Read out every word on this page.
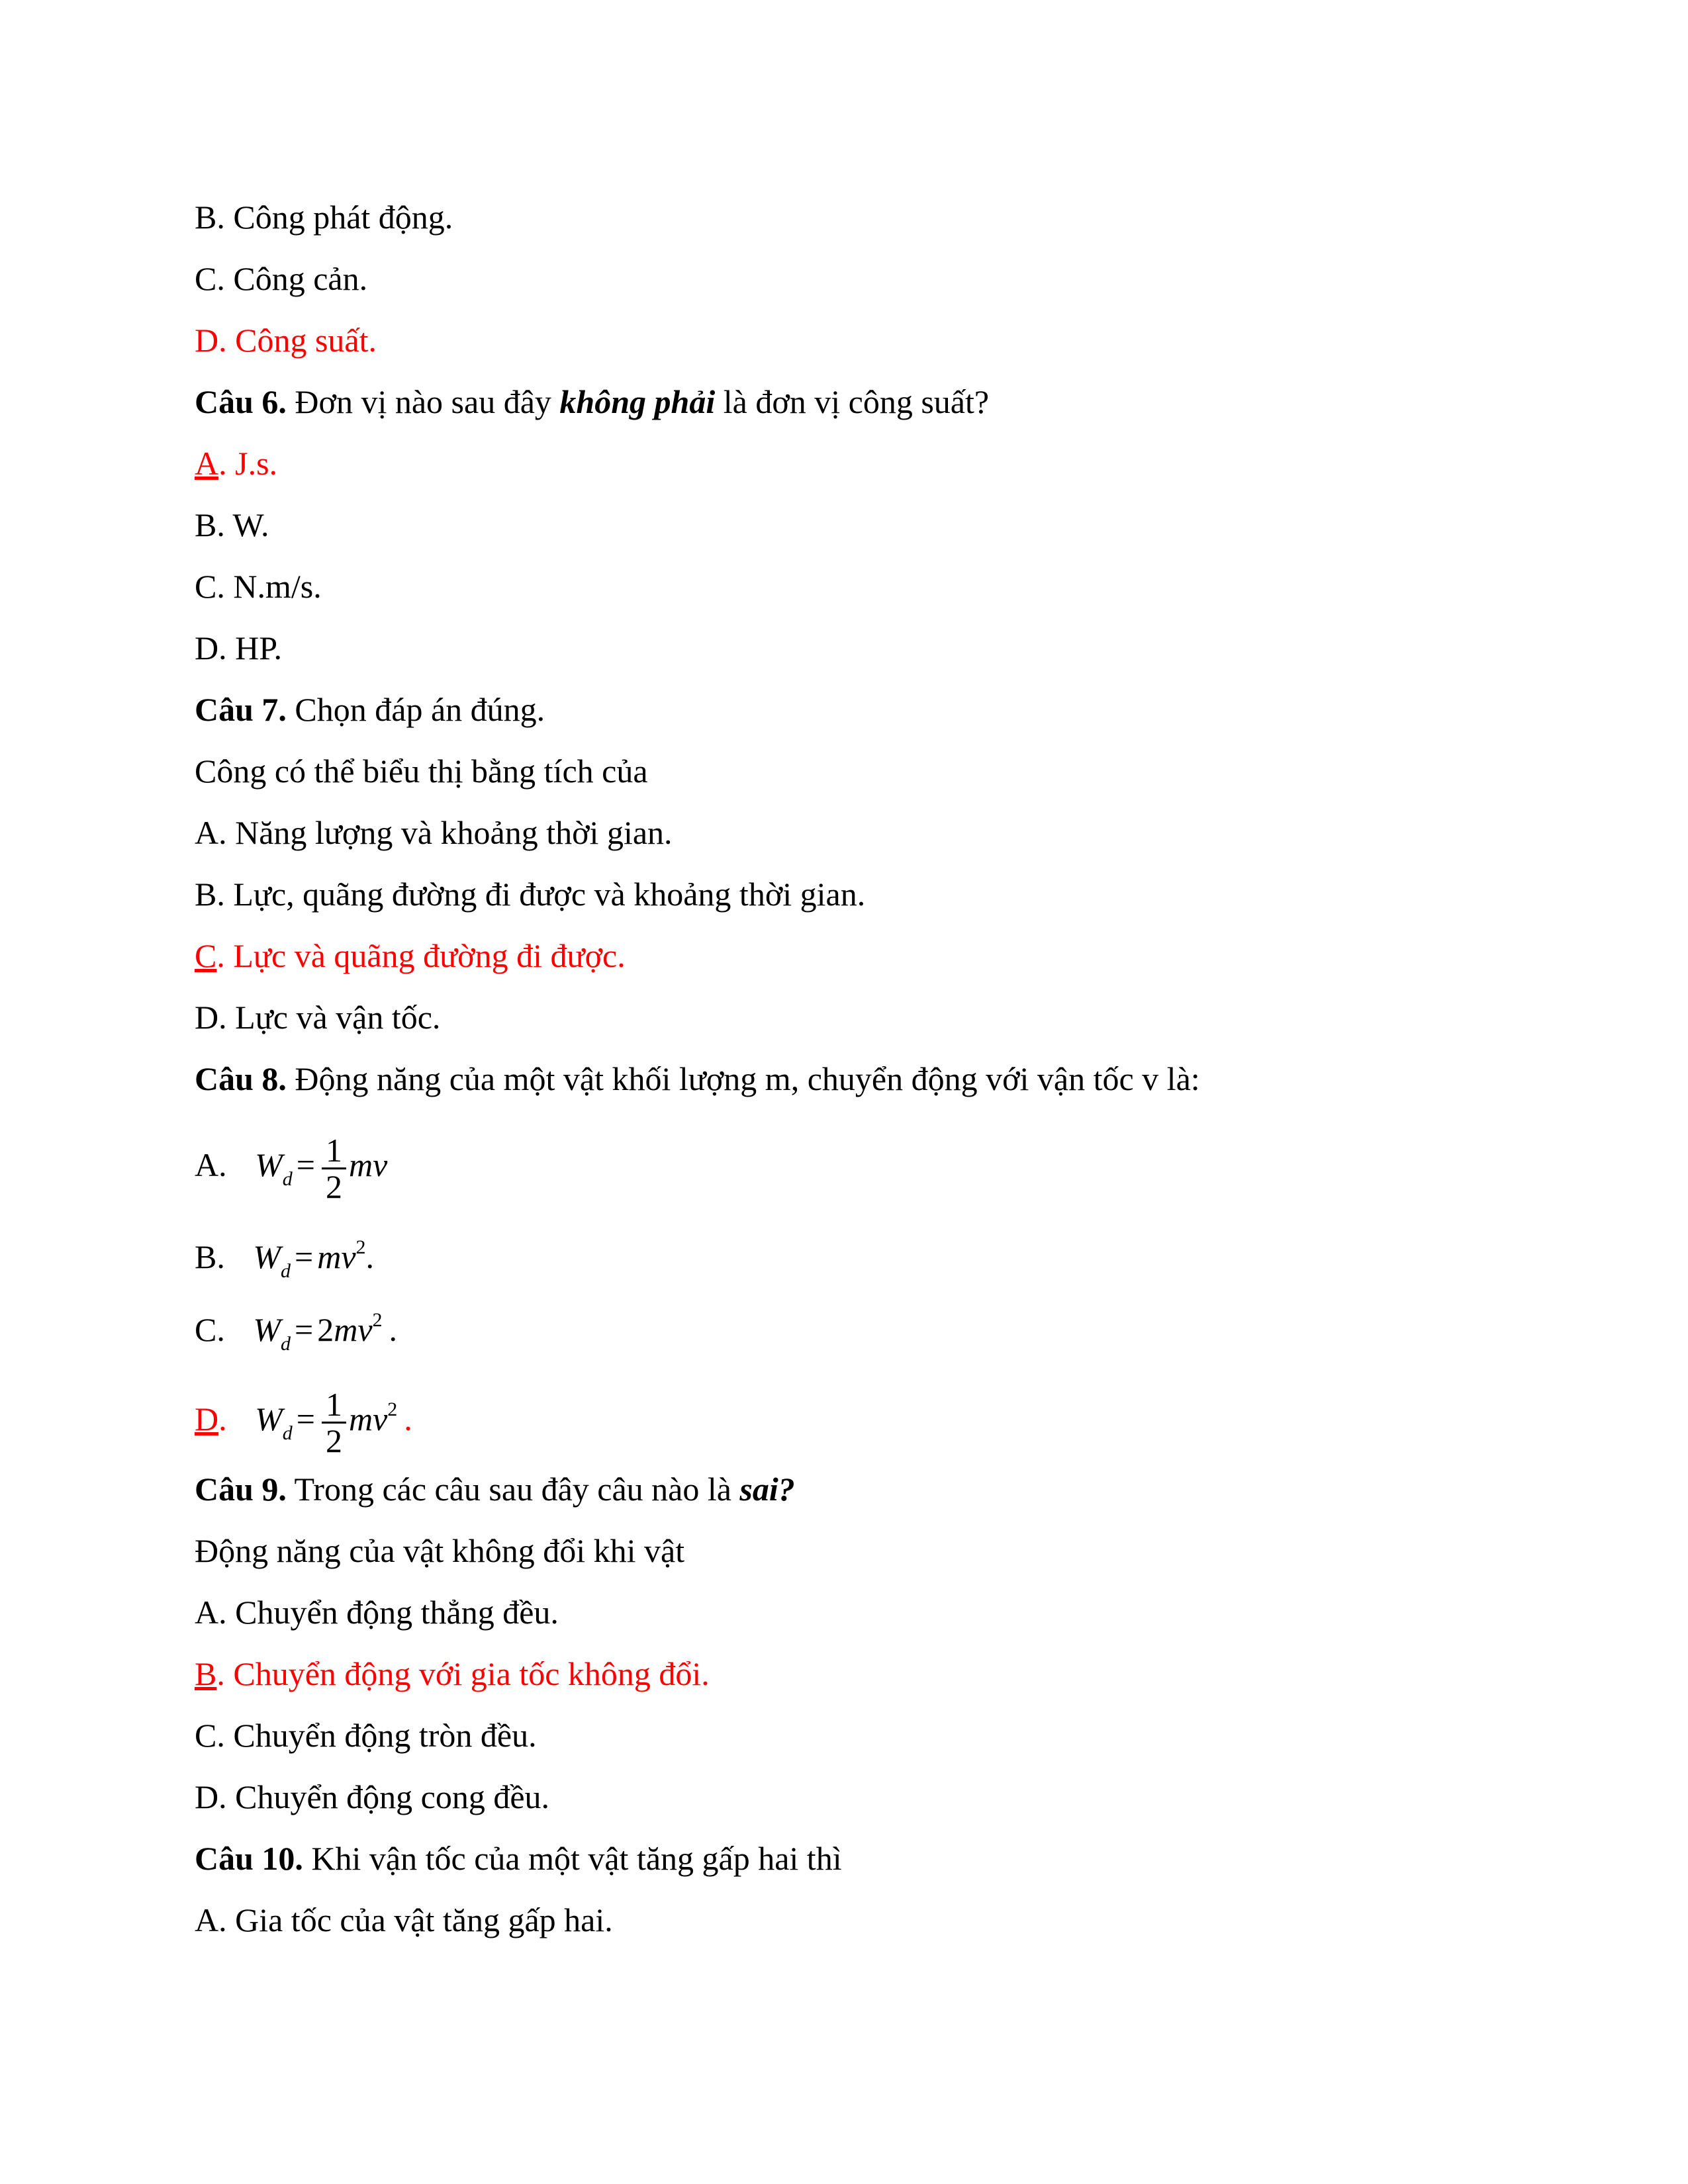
B. Công phát động.
C. Công cản.
D. Công suất.
Câu 6. Đơn vị nào sau đây không phải là đơn vị công suất?
A. J.s.
B. W.
C. N.m/s.
D. HP.
Câu 7. Chọn đáp án đúng.
Công có thể biểu thị bằng tích của
A. Năng lượng và khoảng thời gian.
B. Lực, quãng đường đi được và khoảng thời gian.
C. Lực và quãng đường đi được.
D. Lực và vận tốc.
Câu 8. Động năng của một vật khối lượng m, chuyển động với vận tốc v là:
A. $W_d = \frac{1}{2}$ mv
B. $W_d = mv^2$.
C. $W_d = 2mv^2$ .
D. $W_d = \frac{1}{2} mv^2$ .
Câu 9. Trong các câu sau đây câu nào là sai?
Động năng của vật không đổi khi vật
A. Chuyển động thẳng đều.
B. Chuyển động với gia tốc không đổi.
C. Chuyển động tròn đều.
D. Chuyển động cong đều.
Câu 10. Khi vận tốc của một vật tăng gấp hai thì
A. Gia tốc của vật tăng gấp hai.
